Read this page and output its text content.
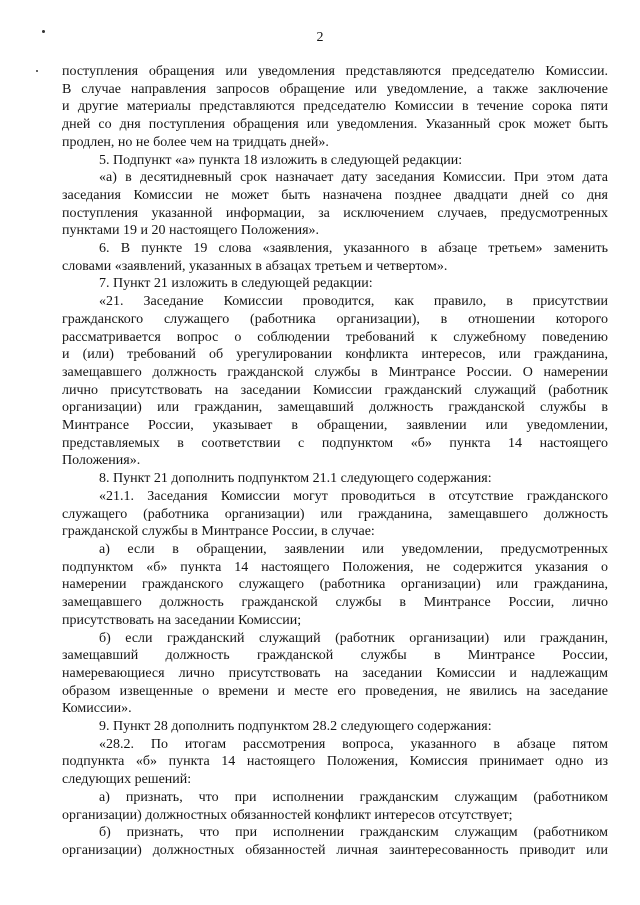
2
поступления обращения или уведомления представляются председателю Комиссии.
В случае направления запросов обращение или уведомление, а также заключение
и другие материалы представляются председателю Комиссии в течение сорока пяти
дней со дня поступления обращения или уведомления. Указанный срок может быть
продлен, но не более чем на тридцать дней».
5. Подпункт «а» пункта 18 изложить в следующей редакции:
«а) в десятидневный срок назначает дату заседания Комиссии. При этом дата
заседания Комиссии не может быть назначена позднее двадцати дней со дня
поступления указанной информации, за исключением случаев, предусмотренных
пунктами 19 и 20 настоящего Положения».
6. В пункте 19 слова «заявления, указанного в абзаце третьем» заменить
словами «заявлений, указанных в абзацах третьем и четвертом».
7. Пункт 21 изложить в следующей редакции:
«21. Заседание Комиссии проводится, как правило, в присутствии
гражданского служащего (работника организации), в отношении которого
рассматривается вопрос о соблюдении требований к служебному поведению
и (или) требований об урегулировании конфликта интересов, или гражданина,
замещавшего должность гражданской службы в Минтрансе России. О намерении
лично присутствовать на заседании Комиссии гражданский служащий (работник
организации) или гражданин, замещавший должность гражданской службы в
Минтрансе России, указывает в обращении, заявлении или уведомлении,
представляемых в соответствии с подпунктом «б» пункта 14 настоящего
Положения».
8. Пункт 21 дополнить подпунктом 21.1 следующего содержания:
«21.1. Заседания Комиссии могут проводиться в отсутствие гражданского
служащего (работника организации) или гражданина, замещавшего должность
гражданской службы в Минтрансе России, в случае:
а) если в обращении, заявлении или уведомлении, предусмотренных
подпунктом «б» пункта 14 настоящего Положения, не содержится указания о
намерении гражданского служащего (работника организации) или гражданина,
замещавшего должность гражданской службы в Минтрансе России, лично
присутствовать на заседании Комиссии;
б) если гражданский служащий (работник организации) или гражданин,
замещавший должность гражданской службы в Минтрансе России,
намеревающиеся лично присутствовать на заседании Комиссии и надлежащим
образом извещенные о времени и месте его проведения, не явились на заседание
Комиссии».
9. Пункт 28 дополнить подпунктом 28.2 следующего содержания:
«28.2. По итогам рассмотрения вопроса, указанного в абзаце пятом
подпункта «б» пункта 14 настоящего Положения, Комиссия принимает одно из
следующих решений:
а) признать, что при исполнении гражданским служащим (работником
организации) должностных обязанностей конфликт интересов отсутствует;
б) признать, что при исполнении гражданским служащим (работником
организации) должностных обязанностей личная заинтересованность приводит или
